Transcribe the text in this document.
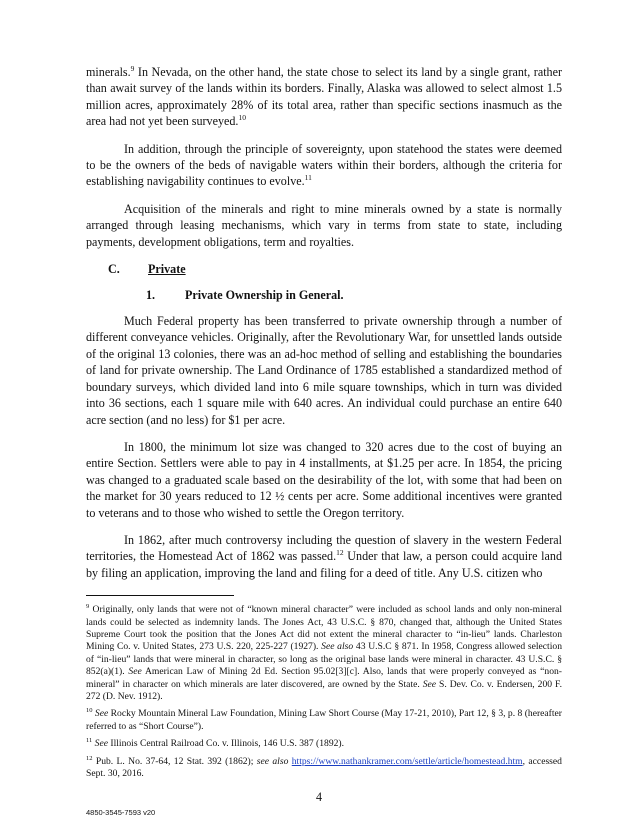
minerals.$^9$ In Nevada, on the other hand, the state chose to select its land by a single grant, rather than await survey of the lands within its borders. Finally, Alaska was allowed to select almost 1.5 million acres, approximately 28% of its total area, rather than specific sections inasmuch as the area had not yet been surveyed.$^{10}$

In addition, through the principle of sovereignty, upon statehood the states were deemed to be the owners of the beds of navigable waters within their borders, although the criteria for establishing navigability continues to evolve.$^{11}$

Acquisition of the minerals and right to mine minerals owned by a state is normally arranged through leasing mechanisms, which vary in terms from state to state, including payments, development obligations, term and royalties.

C. Private
1. Private Ownership in General.

Much Federal property has been transferred to private ownership through a number of different conveyance vehicles. Originally, after the Revolutionary War, for unsettled lands outside of the original 13 colonies, there was an ad-hoc method of selling and establishing the boundaries of land for private ownership. The Land Ordinance of 1785 established a standardized method of boundary surveys, which divided land into 6 mile square townships, which in turn was divided into 36 sections, each 1 square mile with 640 acres. An individual could purchase an entire 640 acre section (and no less) for $1 per acre.

In 1800, the minimum lot size was changed to 320 acres due to the cost of buying an entire Section. Settlers were able to pay in 4 installments, at $1.25 per acre. In 1854, the pricing was changed to a graduated scale based on the desirability of the lot, with some that had been on the market for 30 years reduced to 12 ½ cents per acre. Some additional incentives were granted to veterans and to those who wished to settle the Oregon territory.

In 1862, after much controversy including the question of slavery in the western Federal territories, the Homestead Act of 1862 was passed.$^{12}$ Under that law, a person could acquire land by filing an application, improving the land and filing for a deed of title. Any U.S. citizen who

$^9$ Originally, only lands that were not of “known mineral character” were included as school lands and only non-mineral lands could be selected as indemnity lands. The Jones Act, 43 U.S.C. § 870, changed that, although the United States Supreme Court took the position that the Jones Act did not extent the mineral character to “in-lieu” lands. Charleston Mining Co. v. United States, 273 U.S. 220, 225-227 (1927). See also 43 U.S.C § 871. In 1958, Congress allowed selection of “in-lieu” lands that were mineral in character, so long as the original base lands were mineral in character. 43 U.S.C. § 852(a)(1). See American Law of Mining 2d Ed. Section 95.02[3][c]. Also, lands that were properly conveyed as “non-mineral” in character on which minerals are later discovered, are owned by the State. See S. Dev. Co. v. Endersen, 200 F. 272 (D. Nev. 1912).

$^{10}$ See Rocky Mountain Mineral Law Foundation, Mining Law Short Course (May 17-21, 2010), Part 12, § 3, p. 8 (hereafter referred to as “Short Course”).

$^{11}$ See Illinois Central Railroad Co. v. Illinois, 146 U.S. 387 (1892).

$^{12}$ Pub. L. No. 37-64, 12 Stat. 392 (1862); see also https://www.nathankramer.com/settle/article/homestead.htm, accessed Sept. 30, 2016.

4
4850-3545-7593 v20
